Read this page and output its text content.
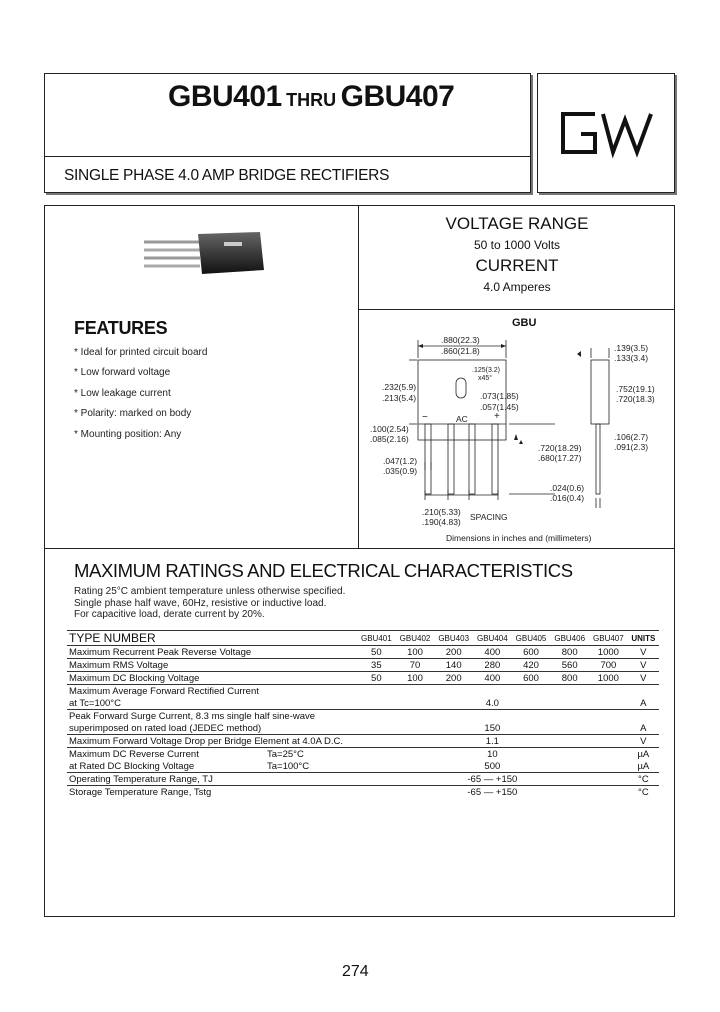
GBU401 THRU GBU407
SINGLE PHASE 4.0 AMP BRIDGE RECTIFIERS
VOLTAGE RANGE
50 to 1000 Volts
CURRENT
4.0 Amperes
FEATURES
* Ideal for printed circuit board
* Low forward voltage
* Low leakage current
* Polarity: marked on body
* Mounting position: Any
GBU
.880(22.3)
.860(21.8)
.125(3.2)
x45°
.232(5.9)
.213(5.4)	.073(1.85)
.057(1.45)
−	AC	+
.100(2.54)
.085(2.16)
.047(1.2)
.035(0.9)
.720(18.29)
.680(17.27)
.210(5.33)
.190(4.83) SPACING
.139(3.5)
.133(3.4)
.752(19.1)
.720(18.3)
.106(2.7)
.091(2.3)
.024(0.6)
.016(0.4)
Dimensions in inches and (millimeters)
MAXIMUM RATINGS AND ELECTRICAL CHARACTERISTICS
Rating 25°C ambient temperature unless otherwise specified.
Single phase half wave, 60Hz, resistive or inductive load.
For capacitive load, derate current by 20%.
TYPE NUMBER	GBU401	GBU402	GBU403	GBU404	GBU405	GBU406	GBU407	UNITS
Maximum Recurrent Peak Reverse Voltage	50	100	200	400	600	800	1000	V
Maximum RMS Voltage	35	70	140	280	420	560	700	V
Maximum DC Blocking Voltage	50	100	200	400	600	800	1000	V
Maximum Average Forward Rectified Current								
at Tc=100°C	4.0							A
Peak Forward Surge Current, 8.3 ms single half sine-wave								
superimposed on rated load (JEDEC method)	150							A
Maximum Forward Voltage Drop per Bridge Element at 4.0A D.C.	1.1							V
Maximum DC Reverse Current Ta=25°C	10							µA
at Rated DC Blocking Voltage Ta=100°C	500							µA
Operating Temperature Range, TJ	-65 — +150							°C
Storage Temperature Range, Tstg	-65 — +150							°C
274
